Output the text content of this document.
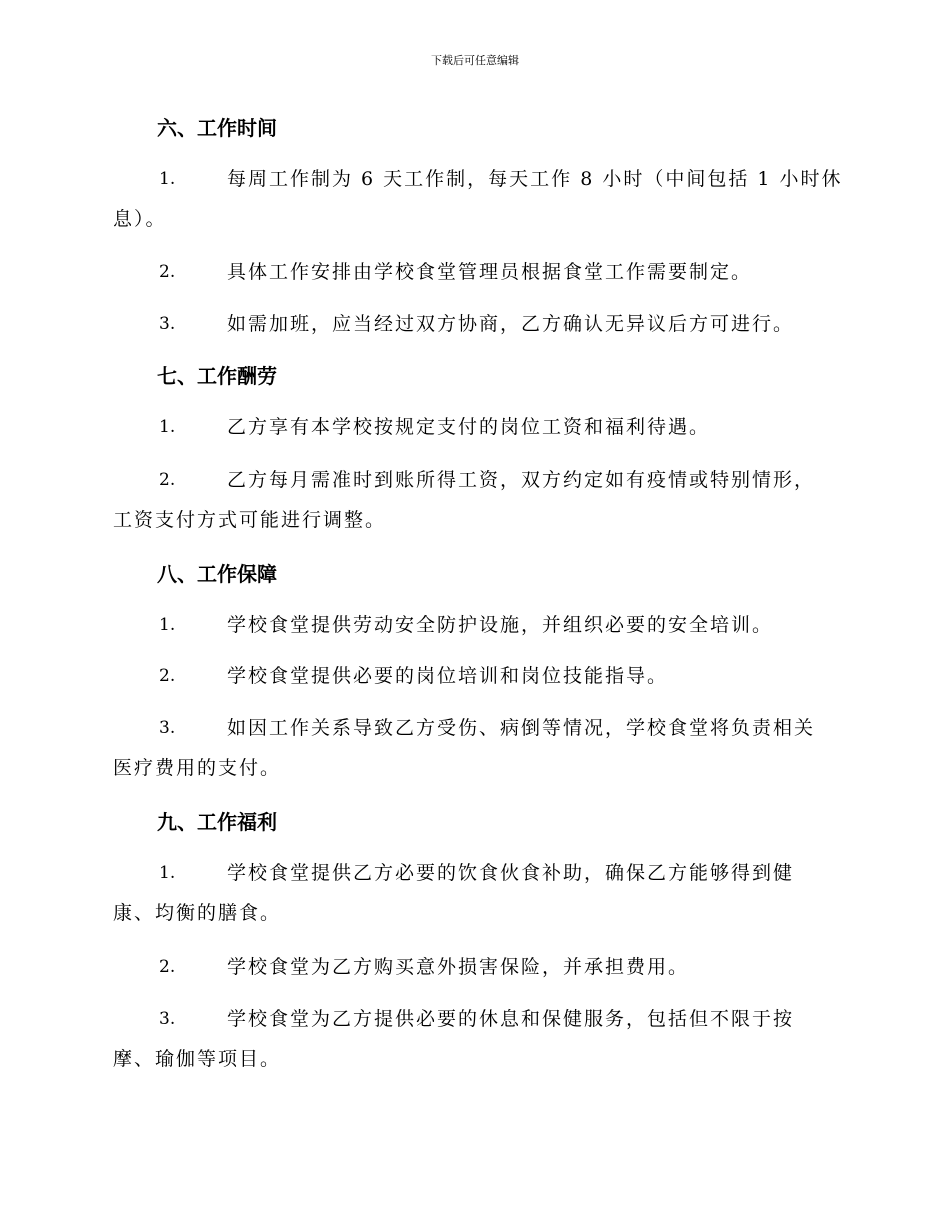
下载后可任意编辑
六、工作时间
1.	每周工作制为 6 天工作制，每天工作 8 小时（中间包括 1 小时休
息）。
2.	具体工作安排由学校食堂管理员根据食堂工作需要制定。
3.	如需加班，应当经过双方协商，乙方确认无异议后方可进行。
七、工作酬劳
1.	乙方享有本学校按规定支付的岗位工资和福利待遇。
2.	乙方每月需准时到账所得工资，双方约定如有疫情或特别情形，
工资支付方式可能进行调整。
八、工作保障
1.	学校食堂提供劳动安全防护设施，并组织必要的安全培训。
2.	学校食堂提供必要的岗位培训和岗位技能指导。
3.	如因工作关系导致乙方受伤、病倒等情况，学校食堂将负责相关
医疗费用的支付。
九、工作福利
1.	学校食堂提供乙方必要的饮食伙食补助，确保乙方能够得到健
康、均衡的膳食。
2.	学校食堂为乙方购买意外损害保险，并承担费用。
3.	学校食堂为乙方提供必要的休息和保健服务，包括但不限于按
摩、瑜伽等项目。
